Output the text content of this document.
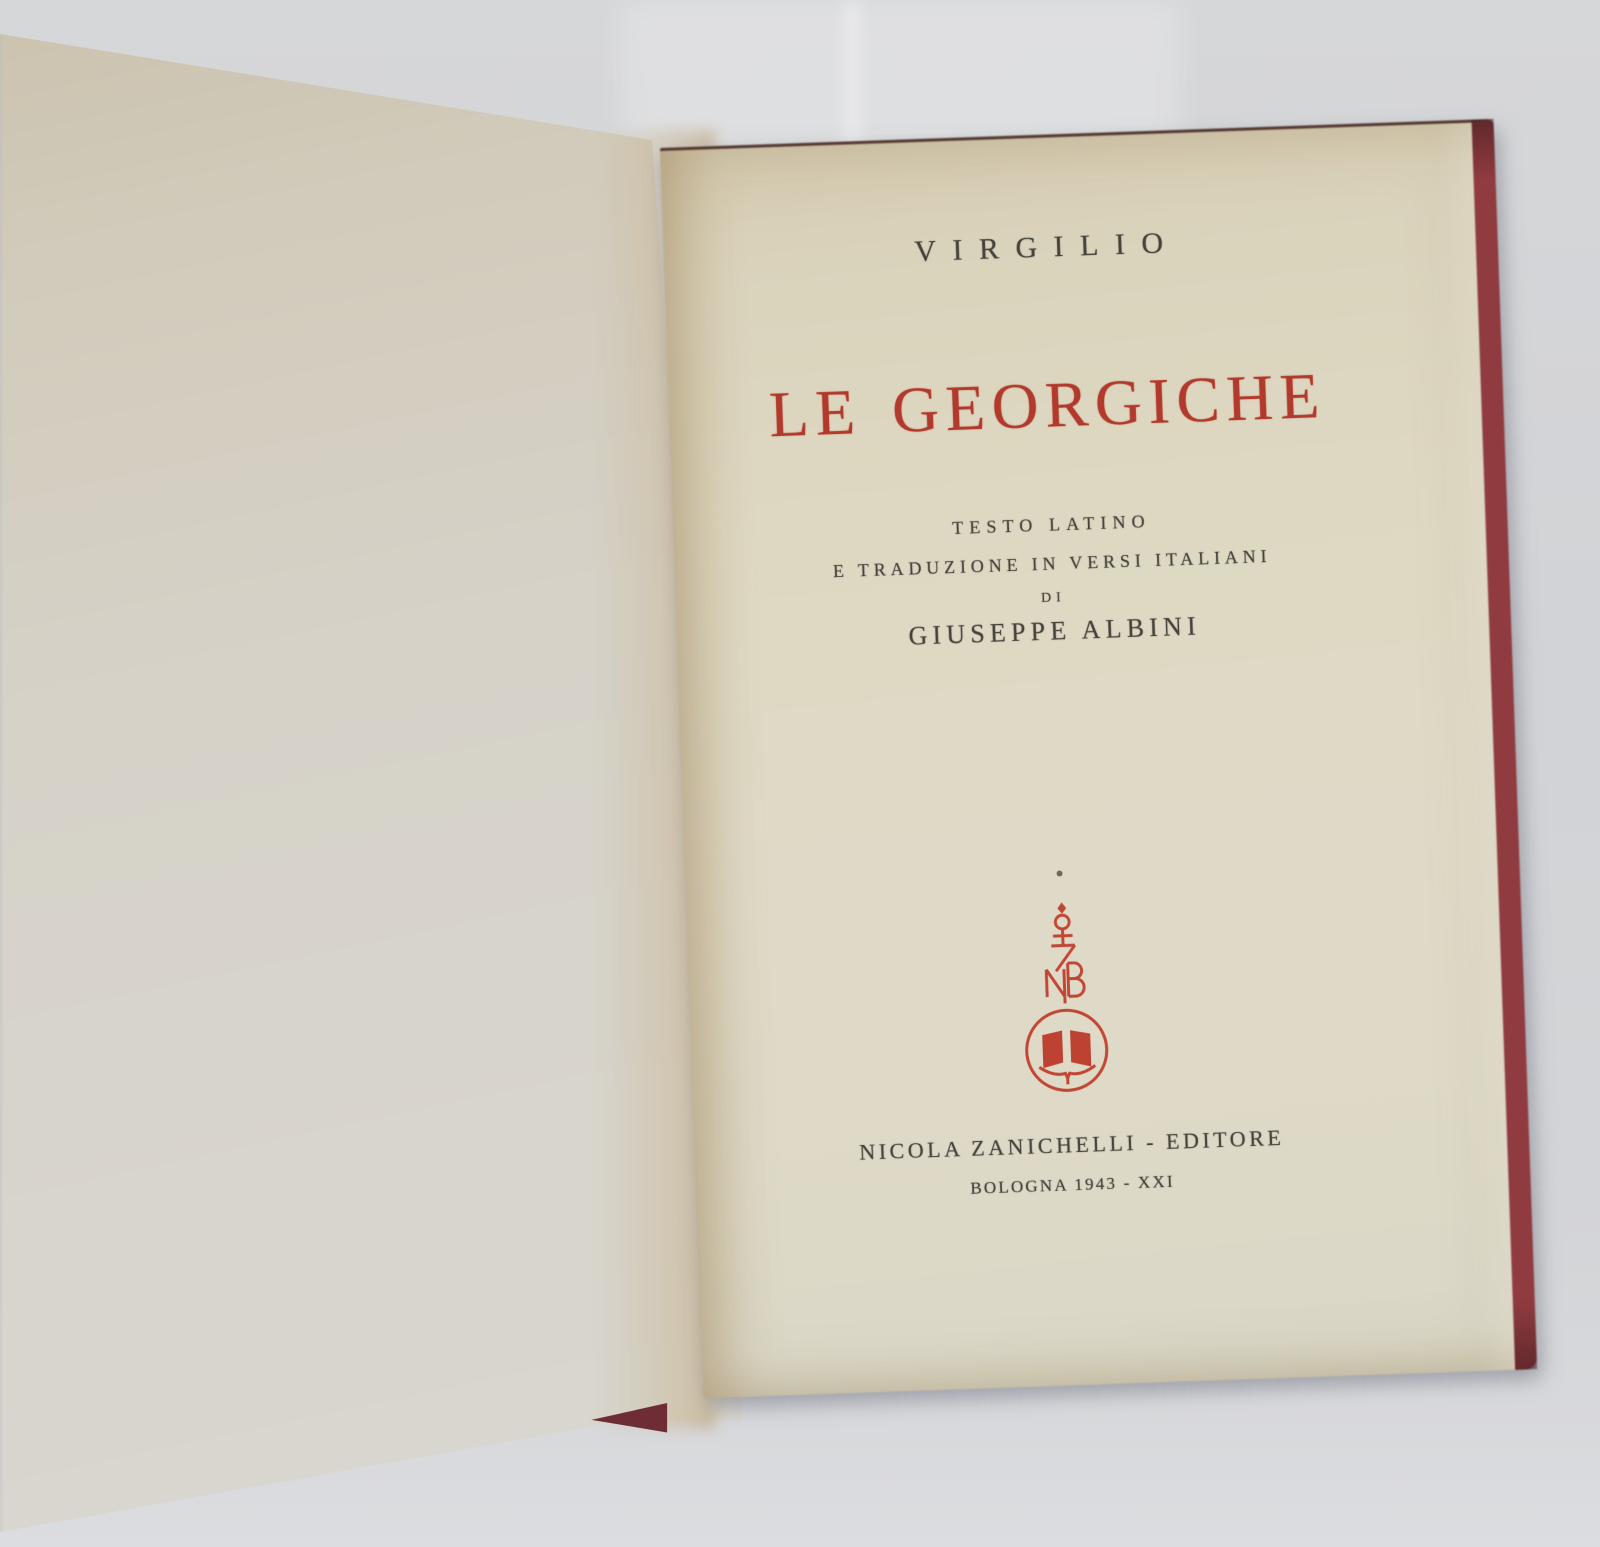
VIRGILIO
LE GEORGICHE
TESTO LATINO
E TRADUZIONE IN VERSI ITALIANI
DI
GIUSEPPE ALBINI
NICOLA ZANICHELLI - EDITORE
BOLOGNA 1943 - XXI
